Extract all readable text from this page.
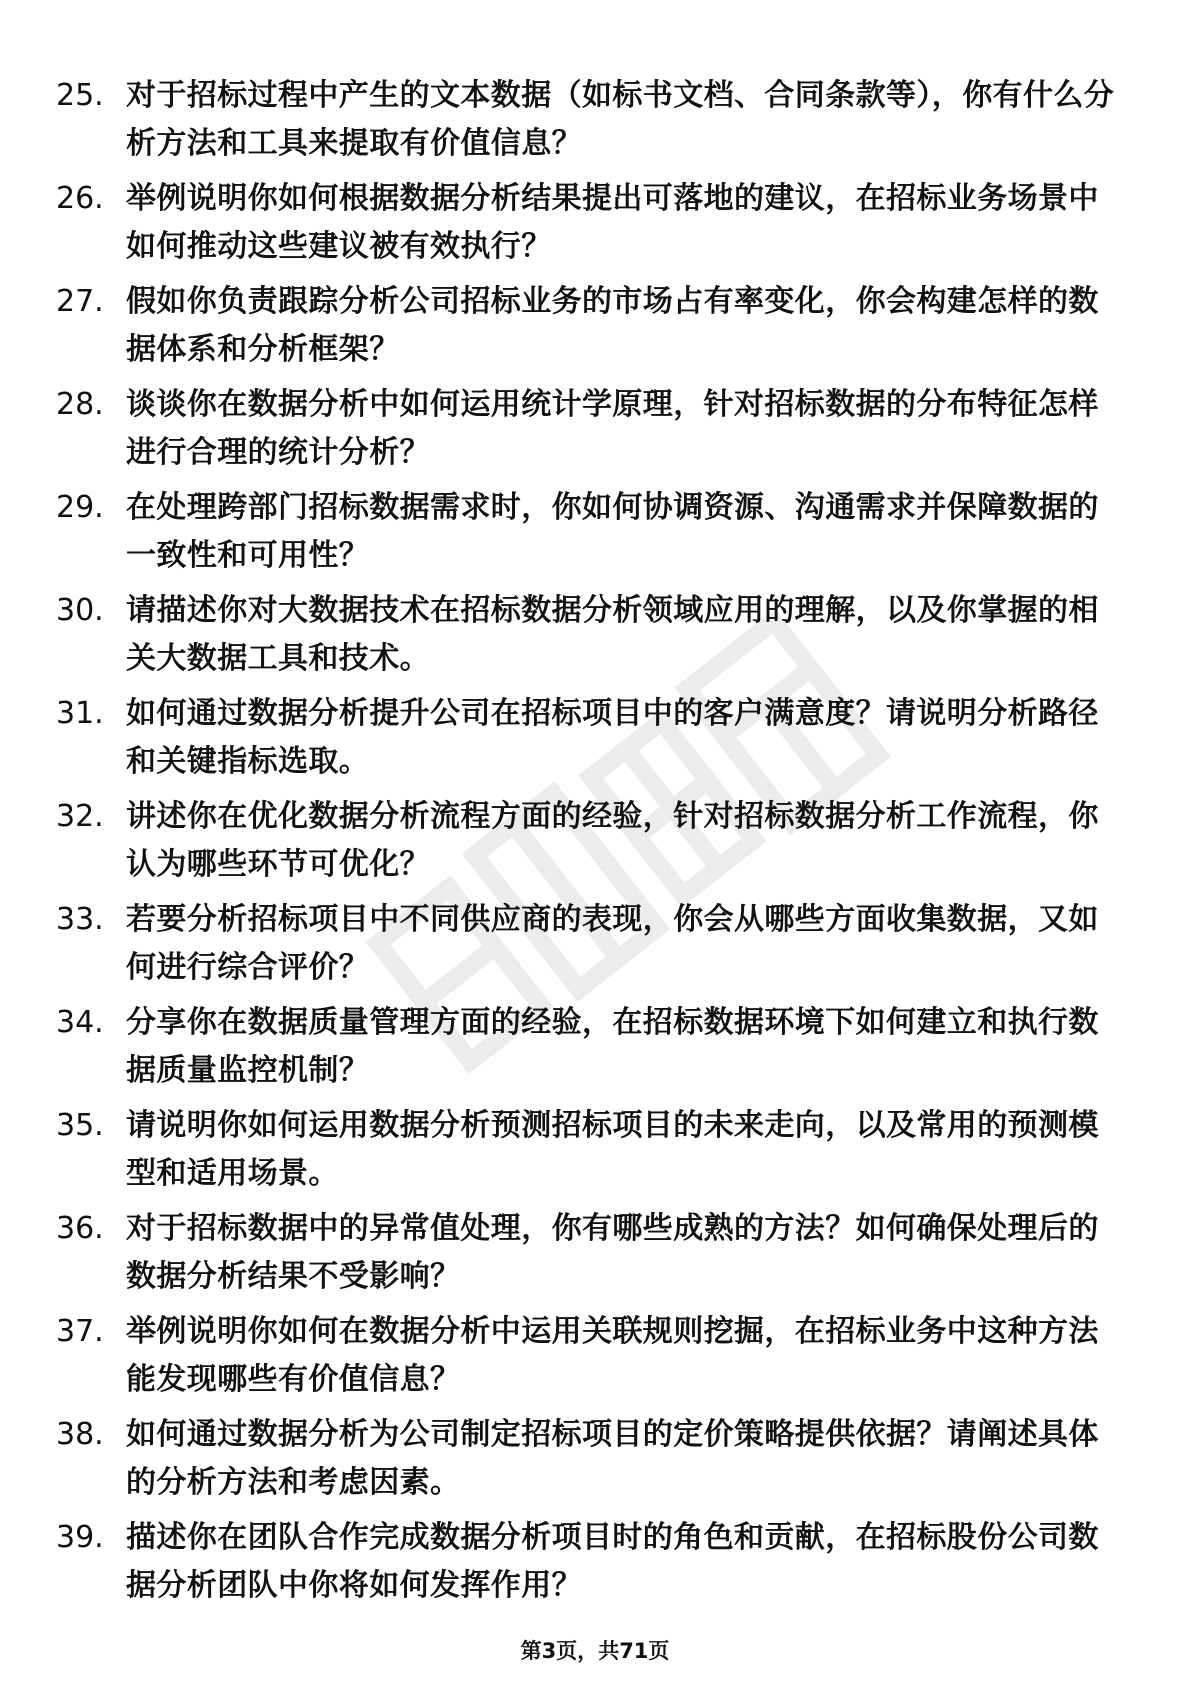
25. 对于招标过程中产生的文本数据（如标书文档、合同条款等），你有什么分析方法和工具来提取有价值信息？
26. 举例说明你如何根据数据分析结果提出可落地的建议，在招标业务场景中如何推动这些建议被有效执行？
27. 假如你负责跟踪分析公司招标业务的市场占有率变化，你会构建怎样的数据体系和分析框架？
28. 谈谈你在数据分析中如何运用统计学原理，针对招标数据的分布特征怎样进行合理的统计分析？
29. 在处理跨部门招标数据需求时，你如何协调资源、沟通需求并保障数据的一致性和可用性？
30. 请描述你对大数据技术在招标数据分析领域应用的理解，以及你掌握的相关大数据工具和技术。
31. 如何通过数据分析提升公司在招标项目中的客户满意度？请说明分析路径和关键指标选取。
32. 讲述你在优化数据分析流程方面的经验，针对招标数据分析工作流程，你认为哪些环节可优化？
33. 若要分析招标项目中不同供应商的表现，你会从哪些方面收集数据，又如何进行综合评价？
34. 分享你在数据质量管理方面的经验，在招标数据环境下如何建立和执行数据质量监控机制？
35. 请说明你如何运用数据分析预测招标项目的未来走向，以及常用的预测模型和适用场景。
36. 对于招标数据中的异常值处理，你有哪些成熟的方法？如何确保处理后的数据分析结果不受影响？
37. 举例说明你如何在数据分析中运用关联规则挖掘，在招标业务中这种方法能发现哪些有价值信息？
38. 如何通过数据分析为公司制定招标项目的定价策略提供依据？请阐述具体的分析方法和考虑因素。
39. 描述你在团队合作完成数据分析项目时的角色和贡献，在招标股份公司数据分析团队中你将如何发挥作用？
第3页，共71页
